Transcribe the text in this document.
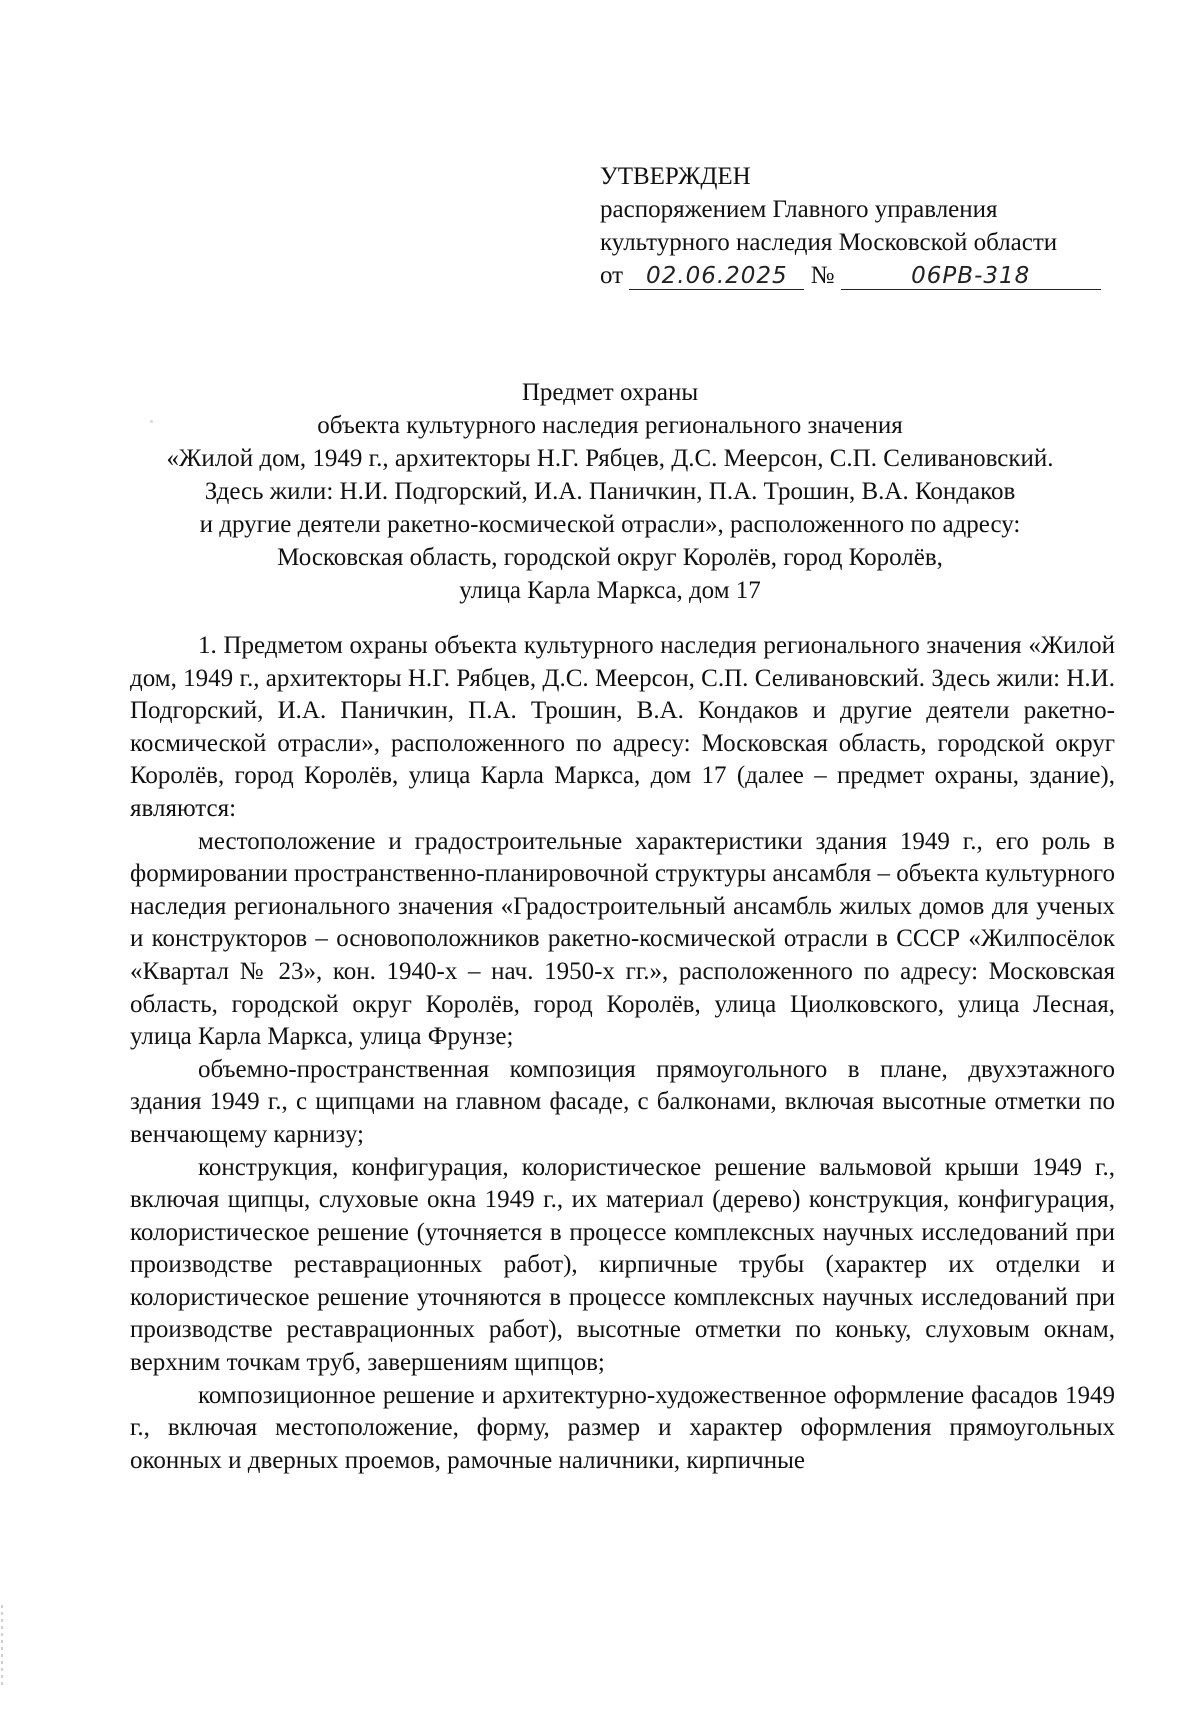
УТВЕРЖДЕН
распоряжением Главного управления
культурного наследия Московской области
от 02.06.2025 №	06РВ-318
Предмет охраны
объекта культурного наследия регионального значения
«Жилой дом, 1949 г., архитекторы Н.Г. Рябцев, Д.С. Меерсон, С.П. Селивановский.
Здесь жили: Н.И. Подгорский, И.А. Паничкин, П.А. Трошин, В.А. Кондаков
и другие деятели ракетно-космической отрасли», расположенного по адресу:
Московская область, городской округ Королёв, город Королёв,
улица Карла Маркса, дом 17

1. Предметом охраны объекта культурного наследия регионального значения «Жилой дом, 1949 г., архитекторы Н.Г. Рябцев, Д.С. Меерсон, С.П. Селивановский. Здесь жили: Н.И. Подгорский, И.А. Паничкин, П.А. Трошин, В.А. Кондаков и другие деятели ракетно-космической отрасли», расположенного по адресу: Московская область, городской округ Королёв, город Королёв, улица Карла Маркса, дом 17 (далее – предмет охраны, здание), являются:

местоположение и градостроительные характеристики здания 1949 г., его роль в формировании пространственно-планировочной структуры ансамбля – объекта культурного наследия регионального значения «Градостроительный ансамбль жилых домов для ученых и конструкторов – основоположников ракетно-космической отрасли в СССР «Жилпосёлок «Квартал № 23», кон. 1940-х – нач. 1950-х гг.», расположенного по адресу: Московская область, городской округ Королёв, город Королёв, улица Циолковского, улица Лесная, улица Карла Маркса, улица Фрунзе;

объемно-пространственная композиция прямоугольного в плане, двухэтажного здания 1949 г., с щипцами на главном фасаде, с балконами, включая высотные отметки по венчающему карнизу;

конструкция, конфигурация, колористическое решение вальмовой крыши 1949 г., включая щипцы, слуховые окна 1949 г., их материал (дерево) конструкция, конфигурация, колористическое решение (уточняется в процессе комплексных научных исследований при производстве реставрационных работ), кирпичные трубы (характер их отделки и колористическое решение уточняются в процессе комплексных научных исследований при производстве реставрационных работ), высотные отметки по коньку, слуховым окнам, верхним точкам труб, завершениям щипцов;

композиционное решение и архитектурно-художественное оформление фасадов 1949 г., включая местоположение, форму, размер и характер оформления прямоугольных оконных и дверных проемов, рамочные наличники, кирпичные
